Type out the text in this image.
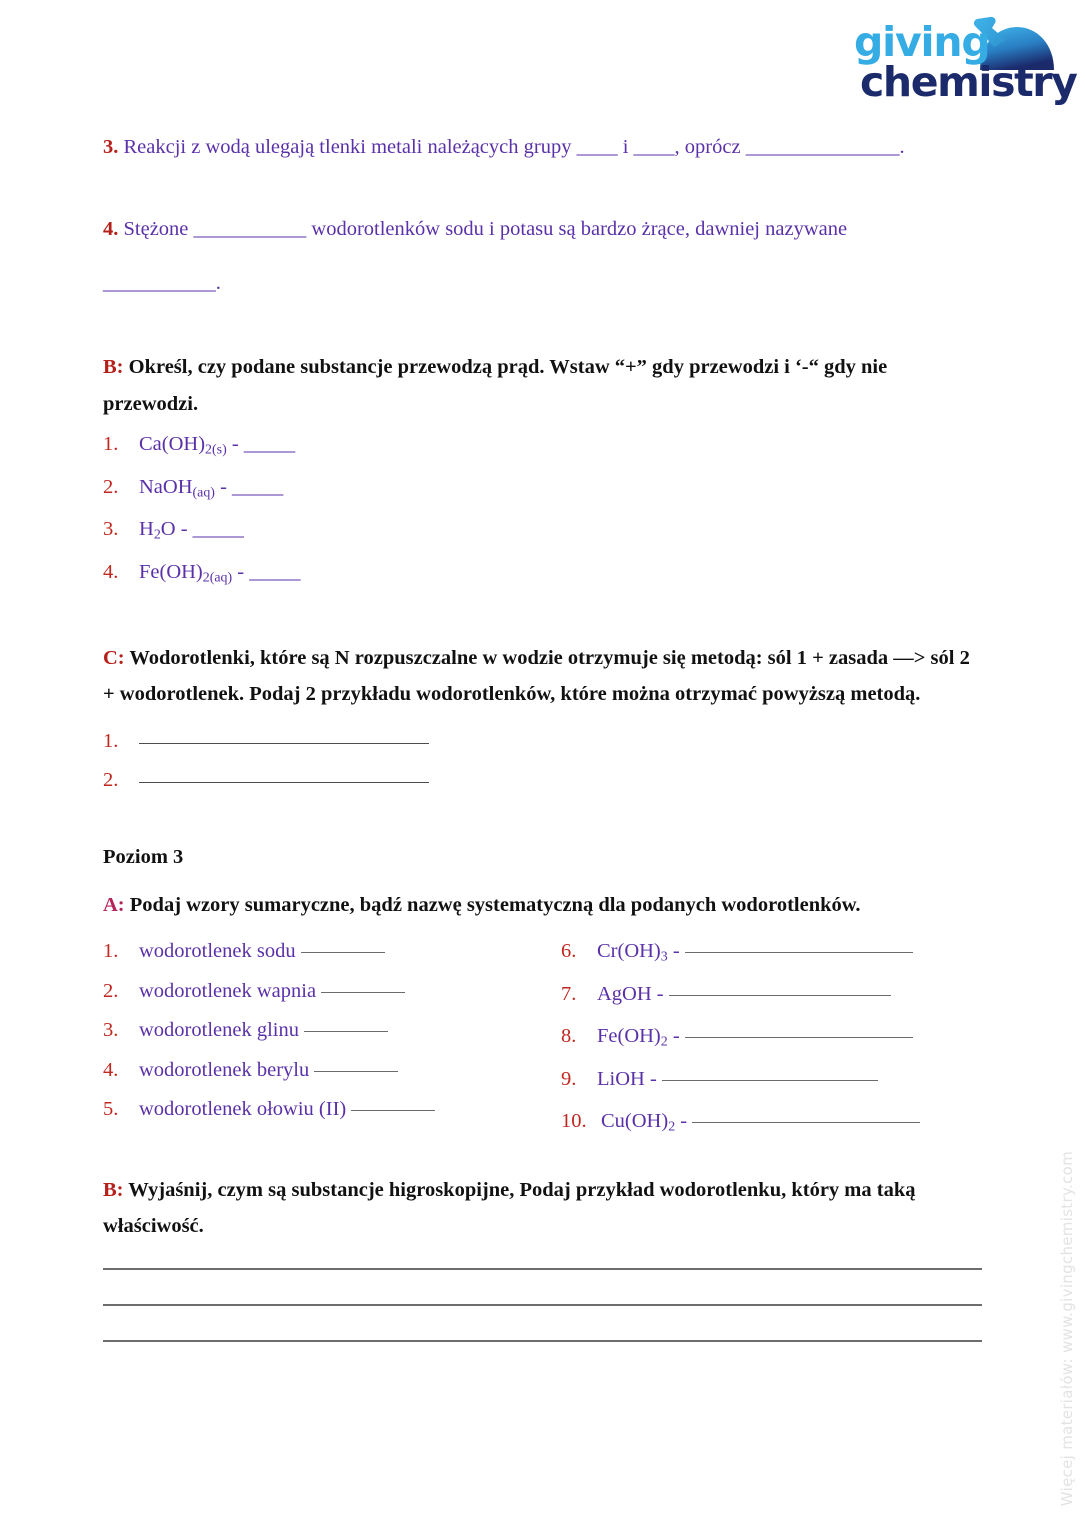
giving
chemistry

3. Reakcji z wodą ulegają tlenki metali należących grupy ____ i ____, oprócz _______________.

4. Stężone ___________ wodorotlenków sodu i potasu są bardzo żrące, dawniej nazywane

___________.

B: Określ, czy podane substancje przewodzą prąd. Wstaw “+” gdy przewodzi i ‘-“ gdy nie przewodzi.

1.	$Ca(OH)_{2(s)}$ - _____
2.	NaOH$_{(aq)}$ - _____
3.	$H_2O$ - _____
4.	$Fe(OH)_{2(aq)}$ - _____

C: Wodorotlenki, które są N rozpuszczalne w wodzie otrzymuje się metodą: sól 1 + zasada —> sól 2 + wodorotlenek. Podaj 2 przykładu wodorotlenków, które można otrzymać powyższą metodą.

1.
2.

Poziom 3

A: Podaj wzory sumaryczne, bądź nazwę systematyczną dla podanych wodorotlenków.

1.	wodorotlenek sodu
2.	wodorotlenek wapnia
3.	wodorotlenek glinu
4.	wodorotlenek berylu
5.	wodorotlenek ołowiu (II)
6.	$Cr(OH)_3$ -
7.	AgOH -
8.	$Fe(OH)_2$ -
9.	LiOH -
10. $Cu(OH)_2$ -

B: Wyjaśnij, czym są substancje higroskopijne, Podaj przykład wodorotlenku, który ma taką właściwość.	Więcej materiałów: www.givingchemistry.com
